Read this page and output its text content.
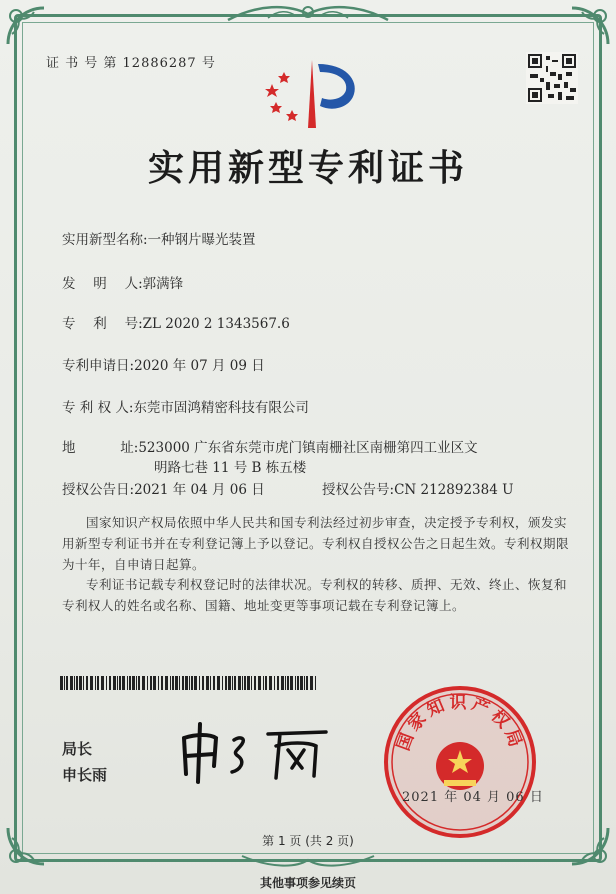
证 书 号 第 12886287 号
实用新型专利证书
实用新型名称:一种钢片曝光装置
发　 明　 人:郭满锋
专　 利　 号:ZL 2020 2 1343567.6
专利申请日:2020 年 07 月 09 日
专 利 权 人:东莞市固鸿精密科技有限公司
地　　　 址:523000 广东省东莞市虎门镇南栅社区南栅第四工业区文
明路七巷 11 号 B 栋五楼
授权公告日:2021 年 04 月 06 日	授权公告号:CN 212892384 U
国家知识产权局依照中华人民共和国专利法经过初步审查，决定授予专利权，颁发实用新型专利证书并在专利登记簿上予以登记。专利权自授权公告之日起生效。专利权期限为十年，自申请日起算。
专利证书记载专利权登记时的法律状况。专利权的转移、质押、无效、终止、恢复和专利权人的姓名或名称、国籍、地址变更等事项记载在专利登记簿上。
局长
申长雨
国家知识产权局
2021 年 04 月 06 日
第 1 页 (共 2 页)
其他事项参见续页
